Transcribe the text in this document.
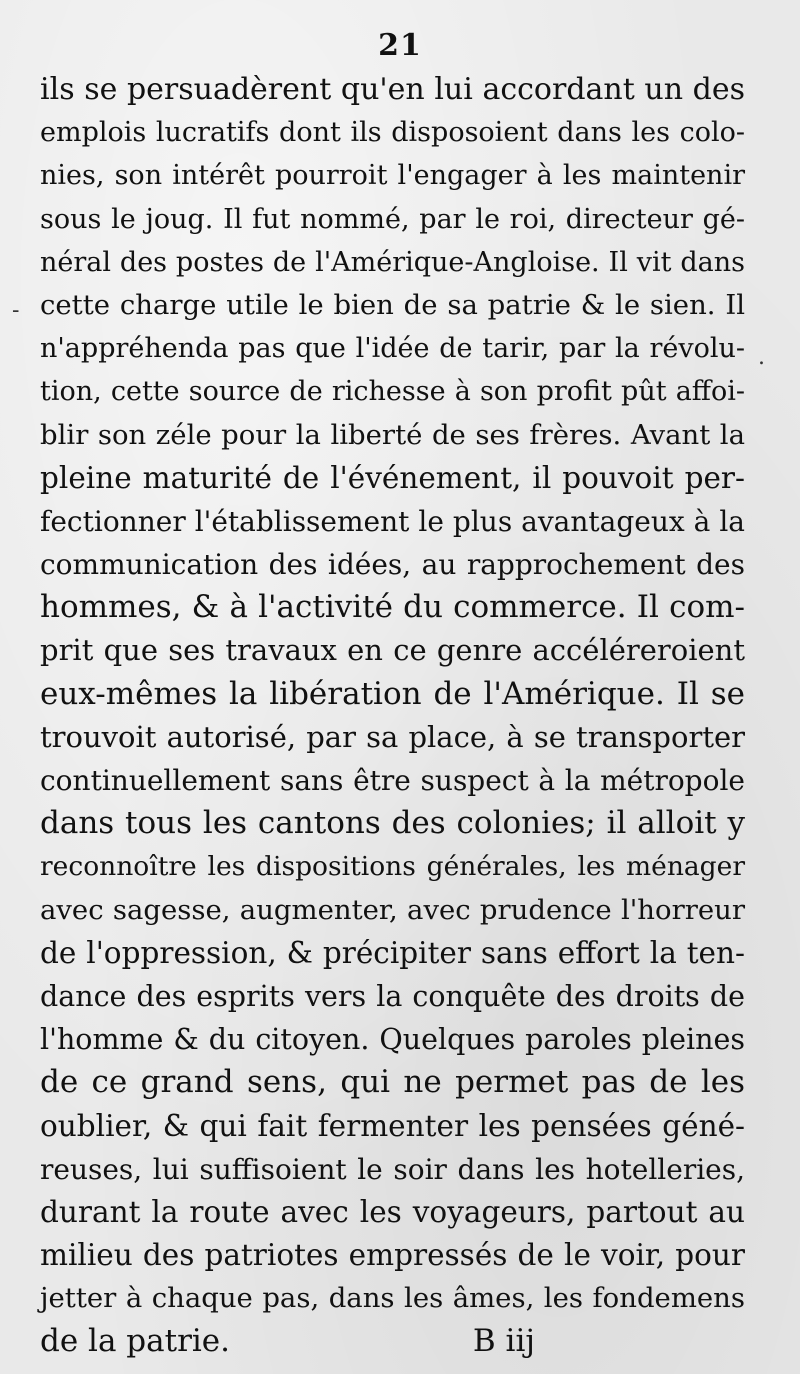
21
ils se persuadèrent qu'en lui accordant un des
emplois lucratifs dont ils disposoient dans les colo-
nies, son intérêt pourroit l'engager à les maintenir
sous le joug. Il fut nommé, par le roi, directeur gé-
néral des postes de l'Amérique-Angloise. Il vit dans
cette charge utile le bien de sa patrie & le sien. Il
n'appréhenda pas que l'idée de tarir, par la révolu-
tion, cette source de richesse à son profit pût affoi-
blir son zéle pour la liberté de ses frères. Avant la
pleine maturité de l'événement, il pouvoit per-
fectionner l'établissement le plus avantageux à la
communication des idées, au rapprochement des
hommes, & à l'activité du commerce. Il com-
prit que ses travaux en ce genre accéléreroient
eux-mêmes la libération de l'Amérique. Il se
trouvoit autorisé, par sa place, à se transporter
continuellement sans être suspect à la métropole
dans tous les cantons des colonies; il alloit y
reconnoître les dispositions générales, les ménager
avec sagesse, augmenter, avec prudence l'horreur
de l'oppression, & précipiter sans effort la ten-
dance des esprits vers la conquête des droits de
l'homme & du citoyen. Quelques paroles pleines
de ce grand sens, qui ne permet pas de les
oublier, & qui fait fermenter les pensées géné-
reuses, lui suffisoient le soir dans les hotelleries,
durant la route avec les voyageurs, partout au
milieu des patriotes empressés de le voir, pour
jetter à chaque pas, dans les âmes, les fondemens
de la patrie.	B iij
-
.
